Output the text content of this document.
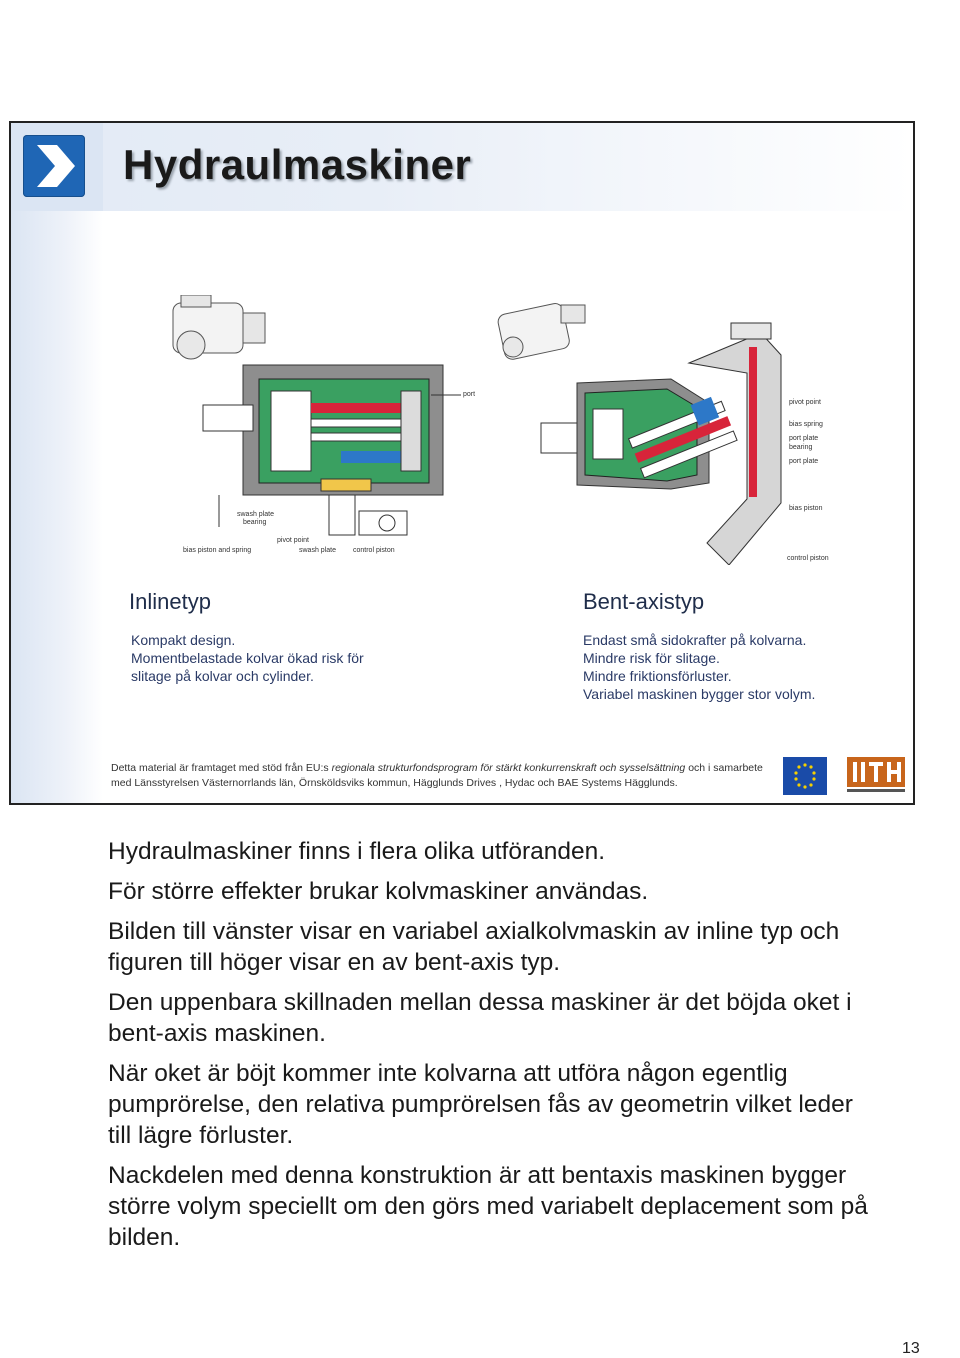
Hydraulmaskiner
port
swash plate
bearing
pivot point
bias piston and spring	swash plate control piston
pivot point
bias spring
port plate
bearing
port plate
bias piston
control piston
Inlinetyp
Kompakt design.
Momentbelastade kolvar ökad risk för
slitage på kolvar och cylinder.
Bent-axistyp
Endast små sidokrafter på kolvarna.
Mindre risk för slitage.
Mindre friktionsförluster.
Variabel maskinen bygger stor volym.
Detta material är framtaget med stöd från EU:s regionala strukturfondsprogram för stärkt konkurrenskraft och sysselsättning och i samarbete med Länsstyrelsen Västernorrlands län, Örnsköldsviks kommun, Hägglunds Drives , Hydac och BAE Systems Hägglunds.

Hydraulmaskiner finns i flera olika utföranden.

För större effekter brukar kolvmaskiner användas.

Bilden till vänster visar en variabel axialkolvmaskin av inline typ och figuren till höger visar en av bent-axis typ.

Den uppenbara skillnaden mellan dessa maskiner är det böjda oket i bent-axis maskinen.

När oket är böjt kommer inte kolvarna att utföra någon egentlig pumprörelse, den relativa pumprörelsen fås av geometrin vilket leder till lägre förluster.

Nackdelen med denna konstruktion är att bentaxis maskinen bygger större volym speciellt om den görs med variabelt deplacement som på bilden.

13
